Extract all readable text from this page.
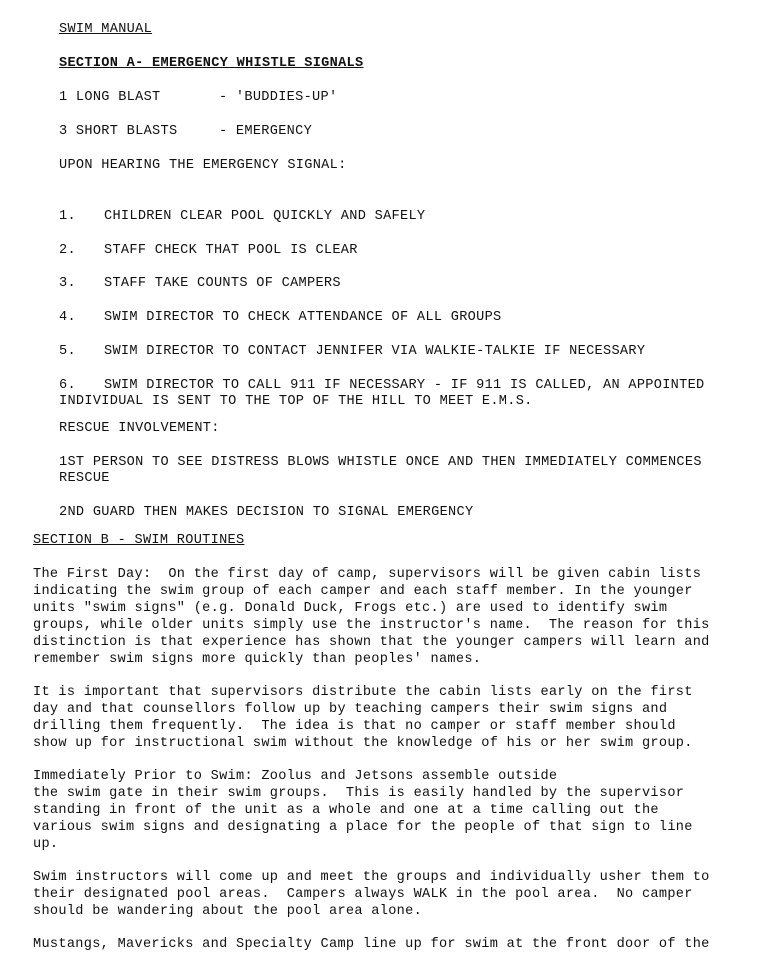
SWIM MANUAL
SECTION A- EMERGENCY WHISTLE SIGNALS
1 LONG BLAST	- 'BUDDIES-UP'
3 SHORT BLASTS	- EMERGENCY
UPON HEARING THE EMERGENCY SIGNAL:
1. CHILDREN CLEAR POOL QUICKLY AND SAFELY
2. STAFF CHECK THAT POOL IS CLEAR
3. STAFF TAKE COUNTS OF CAMPERS
4. SWIM DIRECTOR TO CHECK ATTENDANCE OF ALL GROUPS
5. SWIM DIRECTOR TO CONTACT JENNIFER VIA WALKIE-TALKIE IF NECESSARY
6. SWIM DIRECTOR TO CALL 911 IF NECESSARY - IF 911 IS CALLED, AN APPOINTED
INDIVIDUAL IS SENT TO THE TOP OF THE HILL TO MEET E.M.S.
RESCUE INVOLVEMENT:
1ST PERSON TO SEE DISTRESS BLOWS WHISTLE ONCE AND THEN IMMEDIATELY COMMENCES
RESCUE
2ND GUARD THEN MAKES DECISION TO SIGNAL EMERGENCY
SECTION B - SWIM ROUTINES
The First Day:  On the first day of camp, supervisors will be given cabin lists
indicating the swim group of each camper and each staff member. In the younger
units "swim signs" (e.g. Donald Duck, Frogs etc.) are used to identify swim
groups, while older units simply use the instructor's name.  The reason for this
distinction is that experience has shown that the younger campers will learn and
remember swim signs more quickly than peoples' names.
It is important that supervisors distribute the cabin lists early on the first
day and that counsellors follow up by teaching campers their swim signs and
drilling them frequently.  The idea is that no camper or staff member should
show up for instructional swim without the knowledge of his or her swim group.
Immediately Prior to Swim: Zoolus and Jetsons assemble outside
the swim gate in their swim groups.  This is easily handled by the supervisor
standing in front of the unit as a whole and one at a time calling out the
various swim signs and designating a place for the people of that sign to line
up.
Swim instructors will come up and meet the groups and individually usher them to
their designated pool areas.  Campers always WALK in the pool area.  No camper
should be wandering about the pool area alone.
Mustangs, Mavericks and Specialty Camp line up for swim at the front door of the
